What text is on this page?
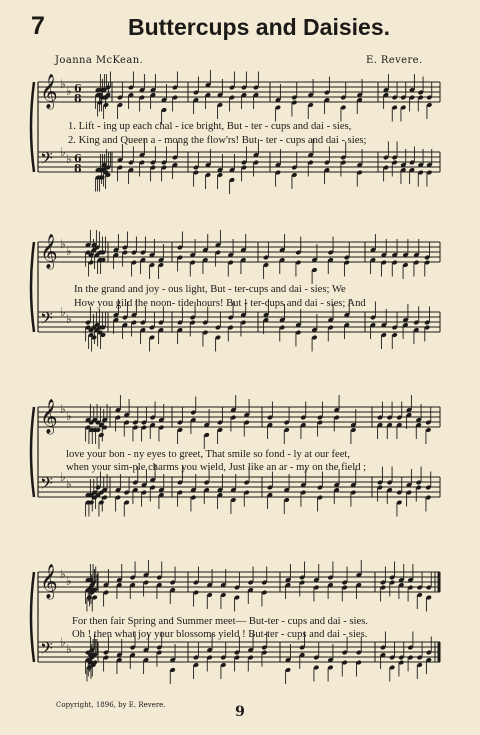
7	Buttercups and Daisies.
Joanna McKean.	E. Revere.
𝄞 ♭ ♭ 6
8
𝄢 ♭ ♭ 6
8
1. Lift - ing up each chal - ice bright, But - ter - cups and dai - sies,
2. King and Queen a - mong the flow'rs! But - ter - cups and dai - sies;
𝄞 ♭ ♭
𝄢 ♭ ♭
In the grand and joy - ous light, But - ter-cups and dai - sies; We
How you gild the noon- tide hours! But - ter-cups and dai - sies; And
𝄞 ♭ ♭
𝄢 ♭ ♭
love your bon - ny eyes to greet, That smile so fond - ly at our feet,
when your sim-ple charms you wield, Just like an ar - my on the field ;
𝄞 ♭ ♭
𝄢 ♭ ♭
For then fair Spring and Summer meet— But-ter - cups and dai - sies.
Oh ! then what joy your blossoms yield ! But-ter - cups and dai - sies.
Copyright, 1896, by E. Revere.	9
